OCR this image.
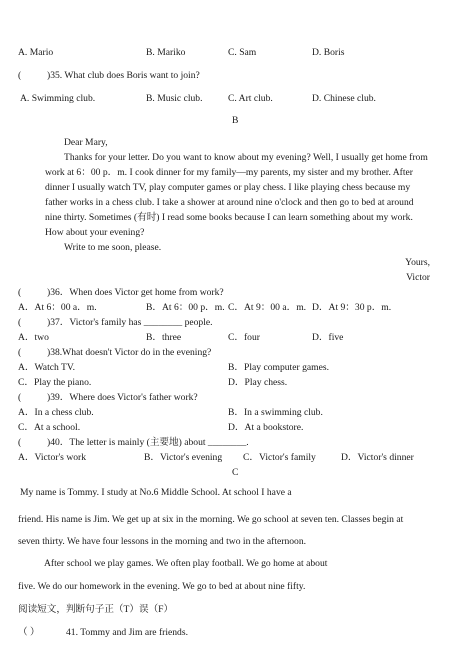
A. Mario	B. Mariko	C. Sam	D. Boris
(	)35. What club does Boris want to join?
A. Swimming club.	B. Music club.	C. Art club.	D. Chinese club.
B
Dear Mary,
Thanks for your letter. Do you want to know about my evening? Well, I usually get home from
work at 6：00 p．m. I cook dinner for my family—my parents, my sister and my brother. After
dinner I usually watch TV, play computer games or play chess. I like playing chess because my
father works in a chess club. I take a shower at around nine o'clock and then go to bed at around
nine thirty. Sometimes (有时) I read some books because I can learn something about my work.
How about your evening?
Write to me soon, please.
Yours,
Victor
(	)36．When does Victor get home from work?
A．At 6：00 a．m.	B．At 6：00 p．m. C．At 9：00 a．m. D．At 9：30 p．m.
(	)37．Victor's family has ________ people.
A．two	B．three	C．four	D．five
(	)38.What doesn't Victor do in the evening?
A．Watch TV.	B．Play computer games.
C．Play the piano.	D．Play chess.
(	)39．Where does Victor's father work?
A．In a chess club.	B．In a swimming club.
C．At a school.	D．At a bookstore.
(	)40．The letter is mainly (主要地) about ________.
A．Victor's work	B．Victor's evening C．Victor's family	D．Victor's dinner
C
My name is Tommy. I study at No.6 Middle School. At school I have a
friend. His name is Jim. We get up at six in the morning. We go school at seven ten. Classes begin at
seven thirty. We have four lessons in the morning and two in the afternoon.
After school we play games. We often play football. We go home at about
five. We do our homework in the evening. We go to bed at about nine fifty.
阅读短文，判断句子正（T）误（F）
（ ）	41. Tommy and Jim are friends.
